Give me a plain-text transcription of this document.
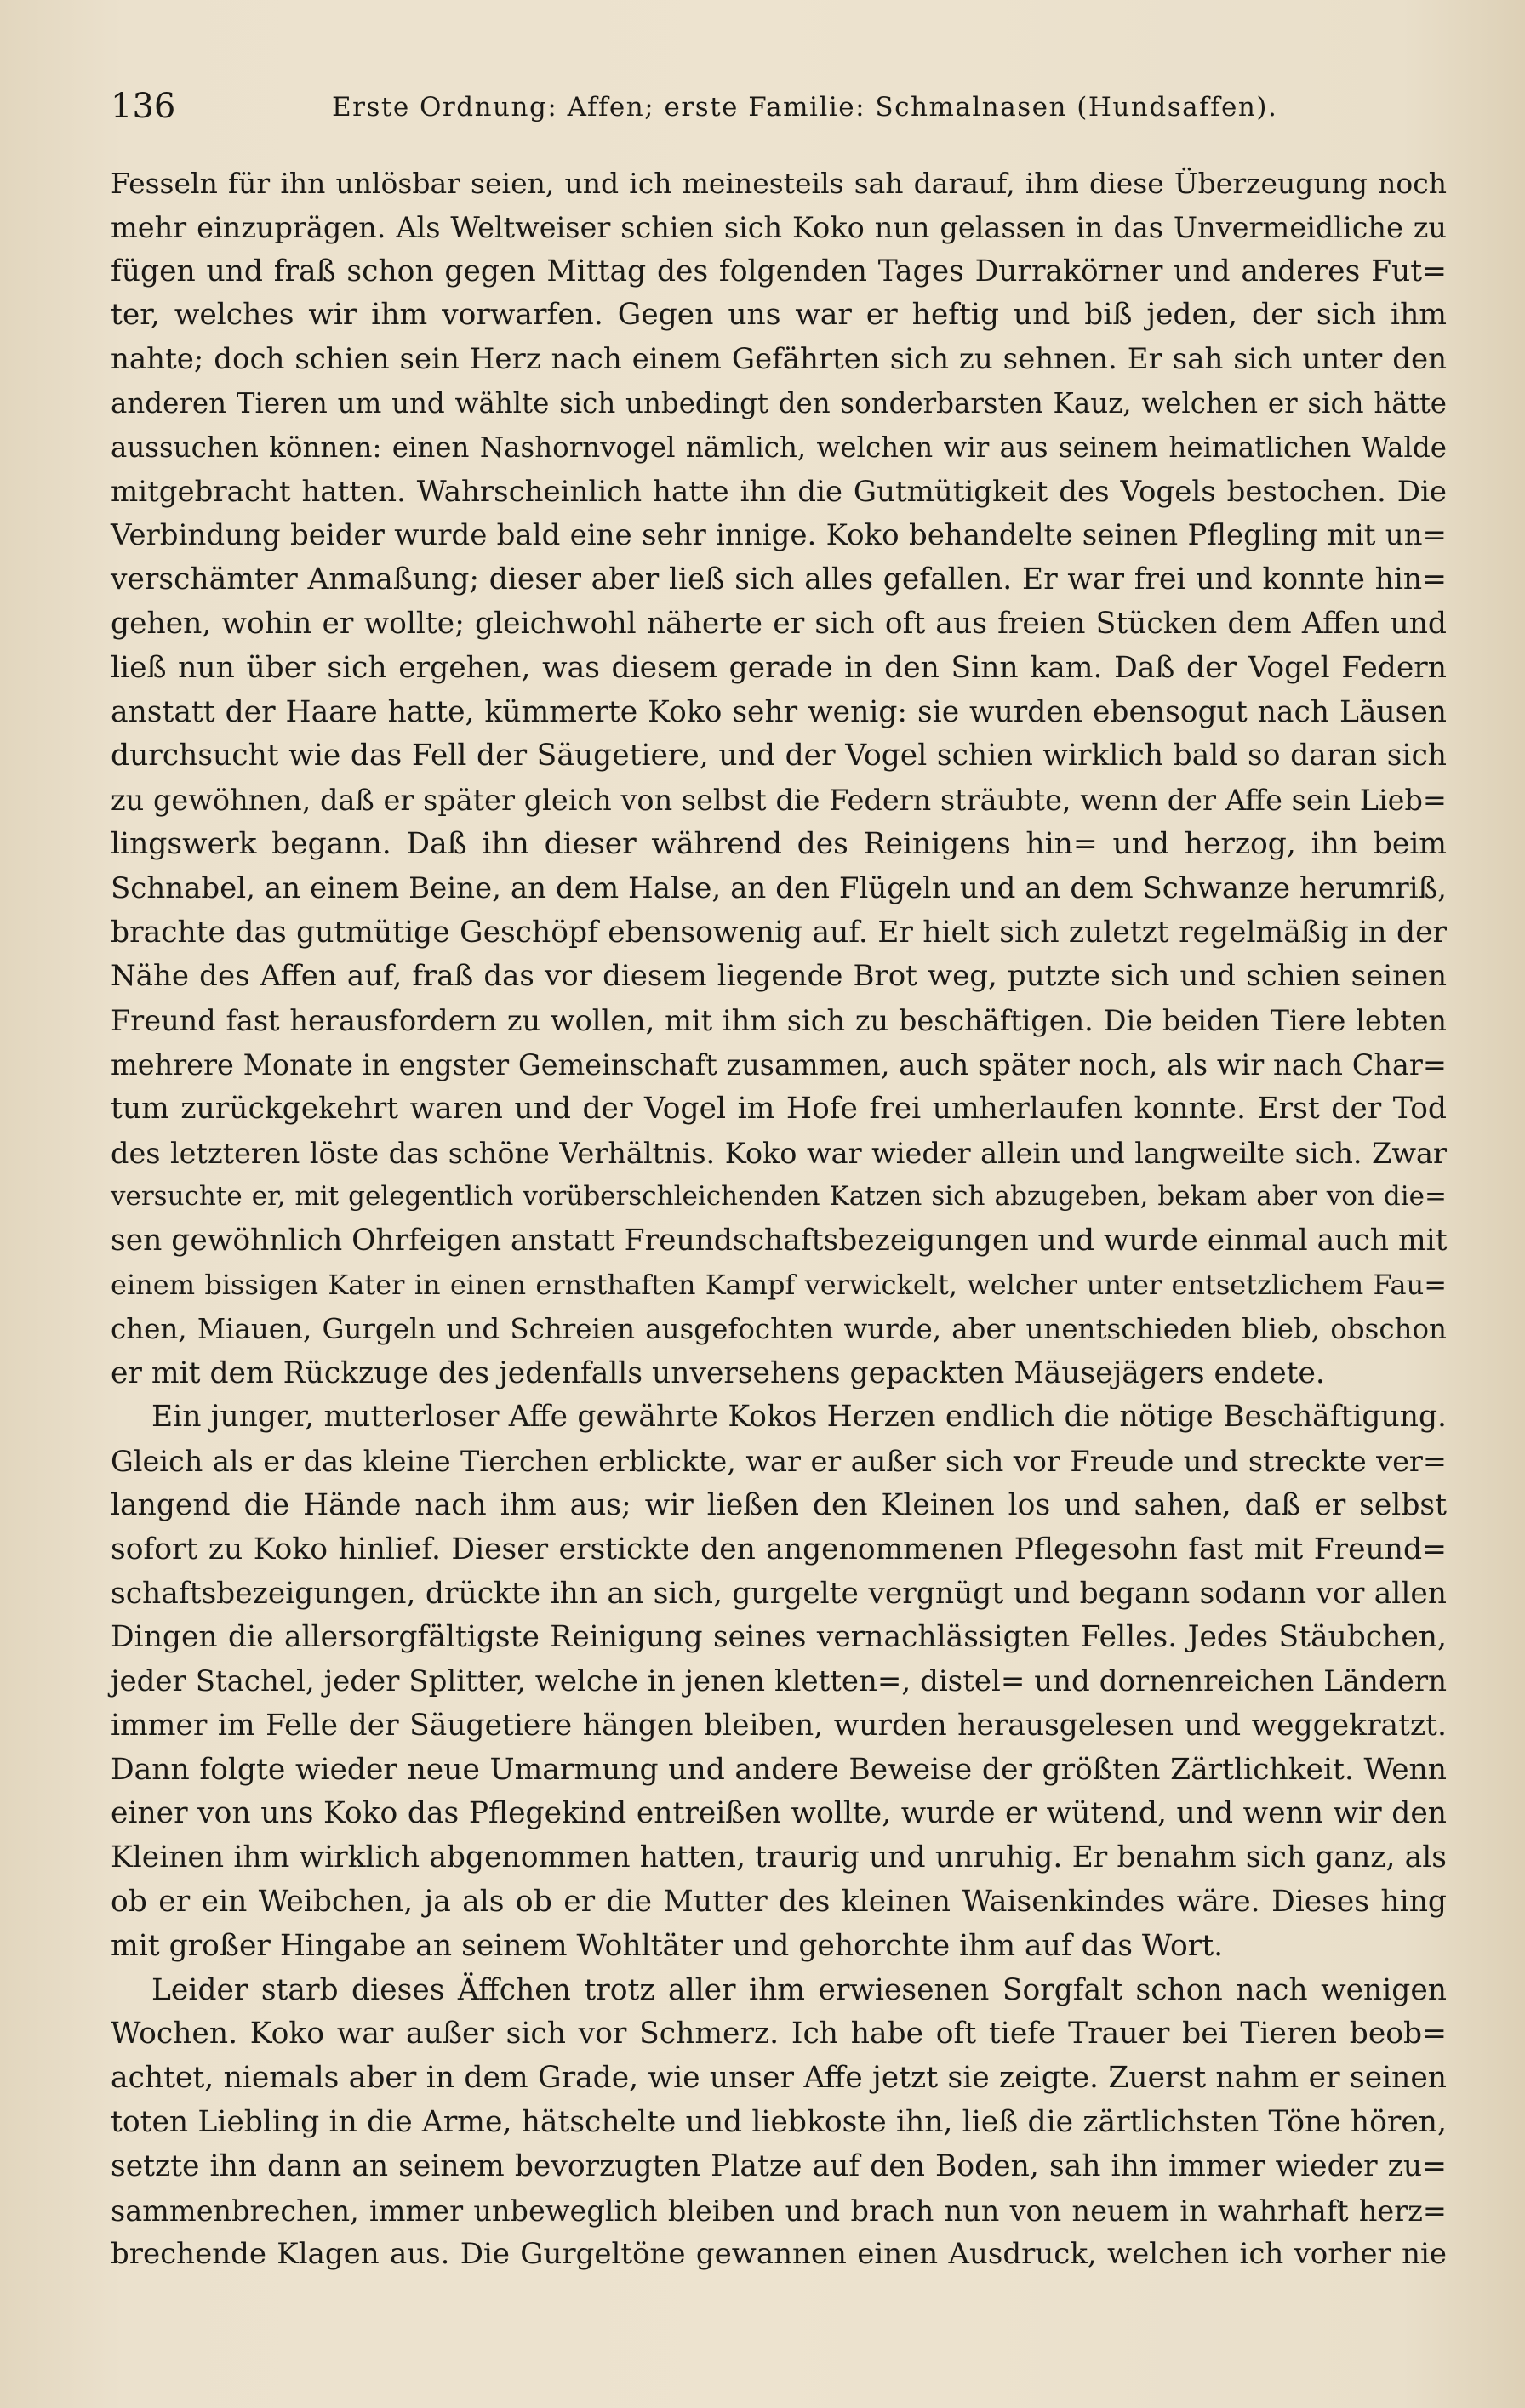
136	Erste Ordnung: Affen; erste Familie: Schmalnasen (Hundsaffen).
Fesseln für ihn unlösbar seien, und ich meinesteils sah darauf, ihm diese Überzeugung noch
mehr einzuprägen. Als Weltweiser schien sich Koko nun gelassen in das Unvermeidliche zu
fügen und fraß schon gegen Mittag des folgenden Tages Durrakörner und anderes Fut=
ter, welches wir ihm vorwarfen. Gegen uns war er heftig und biß jeden, der sich ihm
nahte; doch schien sein Herz nach einem Gefährten sich zu sehnen. Er sah sich unter den
anderen Tieren um und wählte sich unbedingt den sonderbarsten Kauz, welchen er sich hätte
aussuchen können: einen Nashornvogel nämlich, welchen wir aus seinem heimatlichen Walde
mitgebracht hatten. Wahrscheinlich hatte ihn die Gutmütigkeit des Vogels bestochen. Die
Verbindung beider wurde bald eine sehr innige. Koko behandelte seinen Pflegling mit un=
verschämter Anmaßung; dieser aber ließ sich alles gefallen. Er war frei und konnte hin=
gehen, wohin er wollte; gleichwohl näherte er sich oft aus freien Stücken dem Affen und
ließ nun über sich ergehen, was diesem gerade in den Sinn kam. Daß der Vogel Federn
anstatt der Haare hatte, kümmerte Koko sehr wenig: sie wurden ebensogut nach Läusen
durchsucht wie das Fell der Säugetiere, und der Vogel schien wirklich bald so daran sich
zu gewöhnen, daß er später gleich von selbst die Federn sträubte, wenn der Affe sein Lieb=
lingswerk begann. Daß ihn dieser während des Reinigens hin= und herzog, ihn beim
Schnabel, an einem Beine, an dem Halse, an den Flügeln und an dem Schwanze herumriß,
brachte das gutmütige Geschöpf ebensowenig auf. Er hielt sich zuletzt regelmäßig in der
Nähe des Affen auf, fraß das vor diesem liegende Brot weg, putzte sich und schien seinen
Freund fast herausfordern zu wollen, mit ihm sich zu beschäftigen. Die beiden Tiere lebten
mehrere Monate in engster Gemeinschaft zusammen, auch später noch, als wir nach Char=
tum zurückgekehrt waren und der Vogel im Hofe frei umherlaufen konnte. Erst der Tod
des letzteren löste das schöne Verhältnis. Koko war wieder allein und langweilte sich. Zwar
versuchte er, mit gelegentlich vorüberschleichenden Katzen sich abzugeben, bekam aber von die=
sen gewöhnlich Ohrfeigen anstatt Freundschaftsbezeigungen und wurde einmal auch mit
einem bissigen Kater in einen ernsthaften Kampf verwickelt, welcher unter entsetzlichem Fau=
chen, Miauen, Gurgeln und Schreien ausgefochten wurde, aber unentschieden blieb, obschon
er mit dem Rückzuge des jedenfalls unversehens gepackten Mäusejägers endete.
Ein junger, mutterloser Affe gewährte Kokos Herzen endlich die nötige Beschäftigung.
Gleich als er das kleine Tierchen erblickte, war er außer sich vor Freude und streckte ver=
langend die Hände nach ihm aus; wir ließen den Kleinen los und sahen, daß er selbst
sofort zu Koko hinlief. Dieser erstickte den angenommenen Pflegesohn fast mit Freund=
schaftsbezeigungen, drückte ihn an sich, gurgelte vergnügt und begann sodann vor allen
Dingen die allersorgfältigste Reinigung seines vernachlässigten Felles. Jedes Stäubchen,
jeder Stachel, jeder Splitter, welche in jenen kletten=, distel= und dornenreichen Ländern
immer im Felle der Säugetiere hängen bleiben, wurden herausgelesen und weggekratzt.
Dann folgte wieder neue Umarmung und andere Beweise der größten Zärtlichkeit. Wenn
einer von uns Koko das Pflegekind entreißen wollte, wurde er wütend, und wenn wir den
Kleinen ihm wirklich abgenommen hatten, traurig und unruhig. Er benahm sich ganz, als
ob er ein Weibchen, ja als ob er die Mutter des kleinen Waisenkindes wäre. Dieses hing
mit großer Hingabe an seinem Wohltäter und gehorchte ihm auf das Wort.
Leider starb dieses Äffchen trotz aller ihm erwiesenen Sorgfalt schon nach wenigen
Wochen. Koko war außer sich vor Schmerz. Ich habe oft tiefe Trauer bei Tieren beob=
achtet, niemals aber in dem Grade, wie unser Affe jetzt sie zeigte. Zuerst nahm er seinen
toten Liebling in die Arme, hätschelte und liebkoste ihn, ließ die zärtlichsten Töne hören,
setzte ihn dann an seinem bevorzugten Platze auf den Boden, sah ihn immer wieder zu=
sammenbrechen, immer unbeweglich bleiben und brach nun von neuem in wahrhaft herz=
brechende Klagen aus. Die Gurgeltöne gewannen einen Ausdruck, welchen ich vorher nie
